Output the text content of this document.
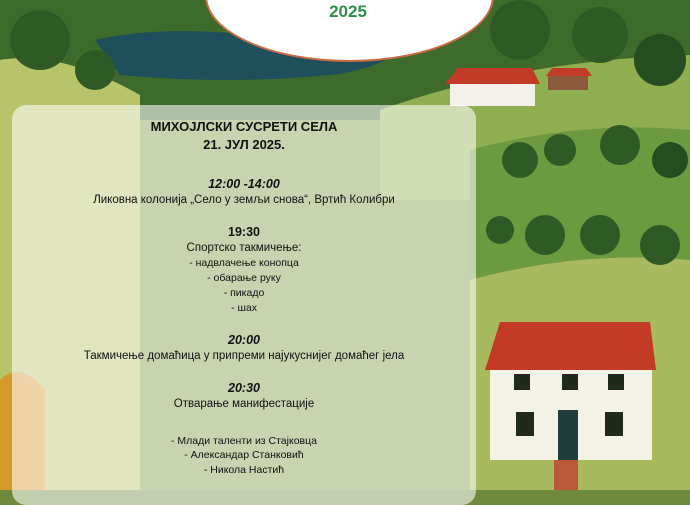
2025
МИХОЈЛСКИ СУСРЕТИ СЕЛА
21. ЈУЛ 2025.
12:00 -14:00
Ликовна колонија „Село у земљи снова“, Вртић Колибри
19:30
Спортско такмичење:
- надвлачење конопца
- обарање руку
- пикадо
- шах
20:00
Такмичење домаћица у припреми најукуснијег домаћег јела
20:30
Отварање манифестације
- Млади таленти из Стајковца
- Александар Станковић
- Никола Настић
